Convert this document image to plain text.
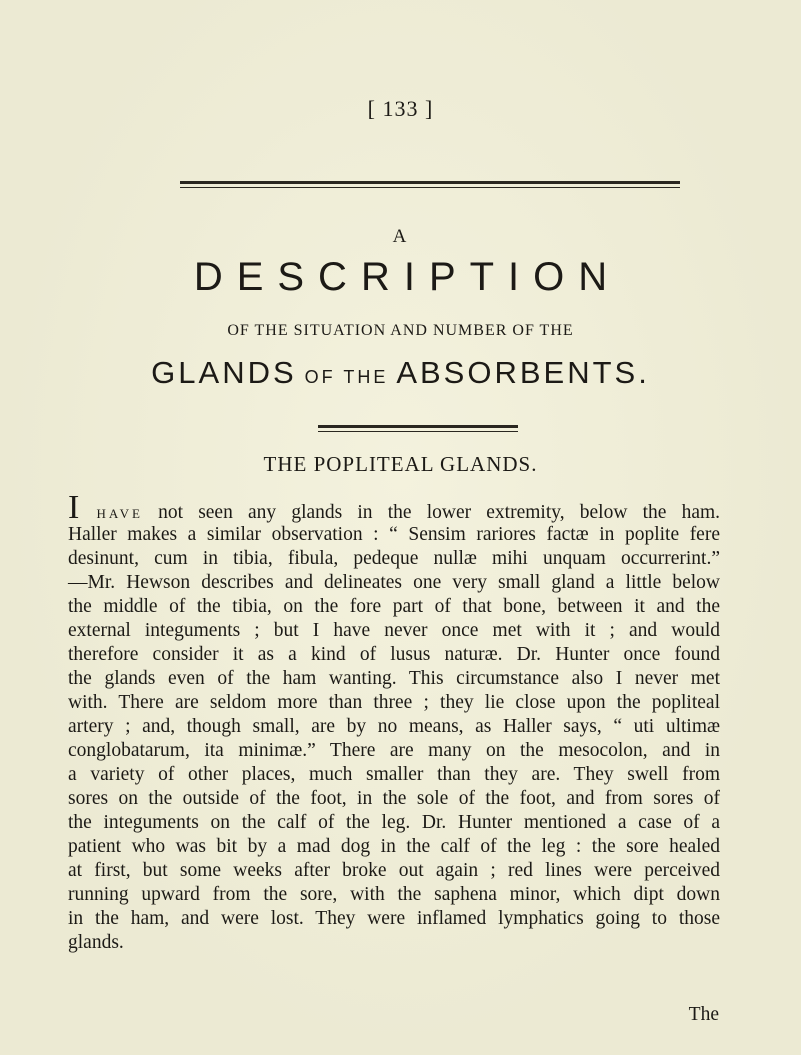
[ 133 ]
A
DESCRIPTION
OF THE SITUATION AND NUMBER OF THE
GLANDS OF THE ABSORBENTS.
THE POPLITEAL GLANDS.
I HAVE not seen any glands in the lower extremity, below the ham.
Haller makes a similar observation : “ Sensim rariores factæ in poplite fere
desinunt, cum in tibia, fibula, pedeque nullæ mihi unquam occurrerint.”
—Mr. Hewson describes and delineates one very small gland a little below
the middle of the tibia, on the fore part of that bone, between it and the
external integuments ; but I have never once met with it ; and would
therefore consider it as a kind of lusus naturæ. Dr. Hunter once found
the glands even of the ham wanting. This circumstance also I never met
with. There are seldom more than three ; they lie close upon the popliteal
artery ; and, though small, are by no means, as Haller says, “ uti ultimæ
conglobatarum, ita minimæ.” There are many on the mesocolon, and in
a variety of other places, much smaller than they are. They swell from
sores on the outside of the foot, in the sole of the foot, and from sores of
the integuments on the calf of the leg. Dr. Hunter mentioned a case of a
patient who was bit by a mad dog in the calf of the leg : the sore healed
at first, but some weeks after broke out again ; red lines were perceived
running upward from the sore, with the saphena minor, which dipt down
in the ham, and were lost. They were inflamed lymphatics going to those
glands.
The
